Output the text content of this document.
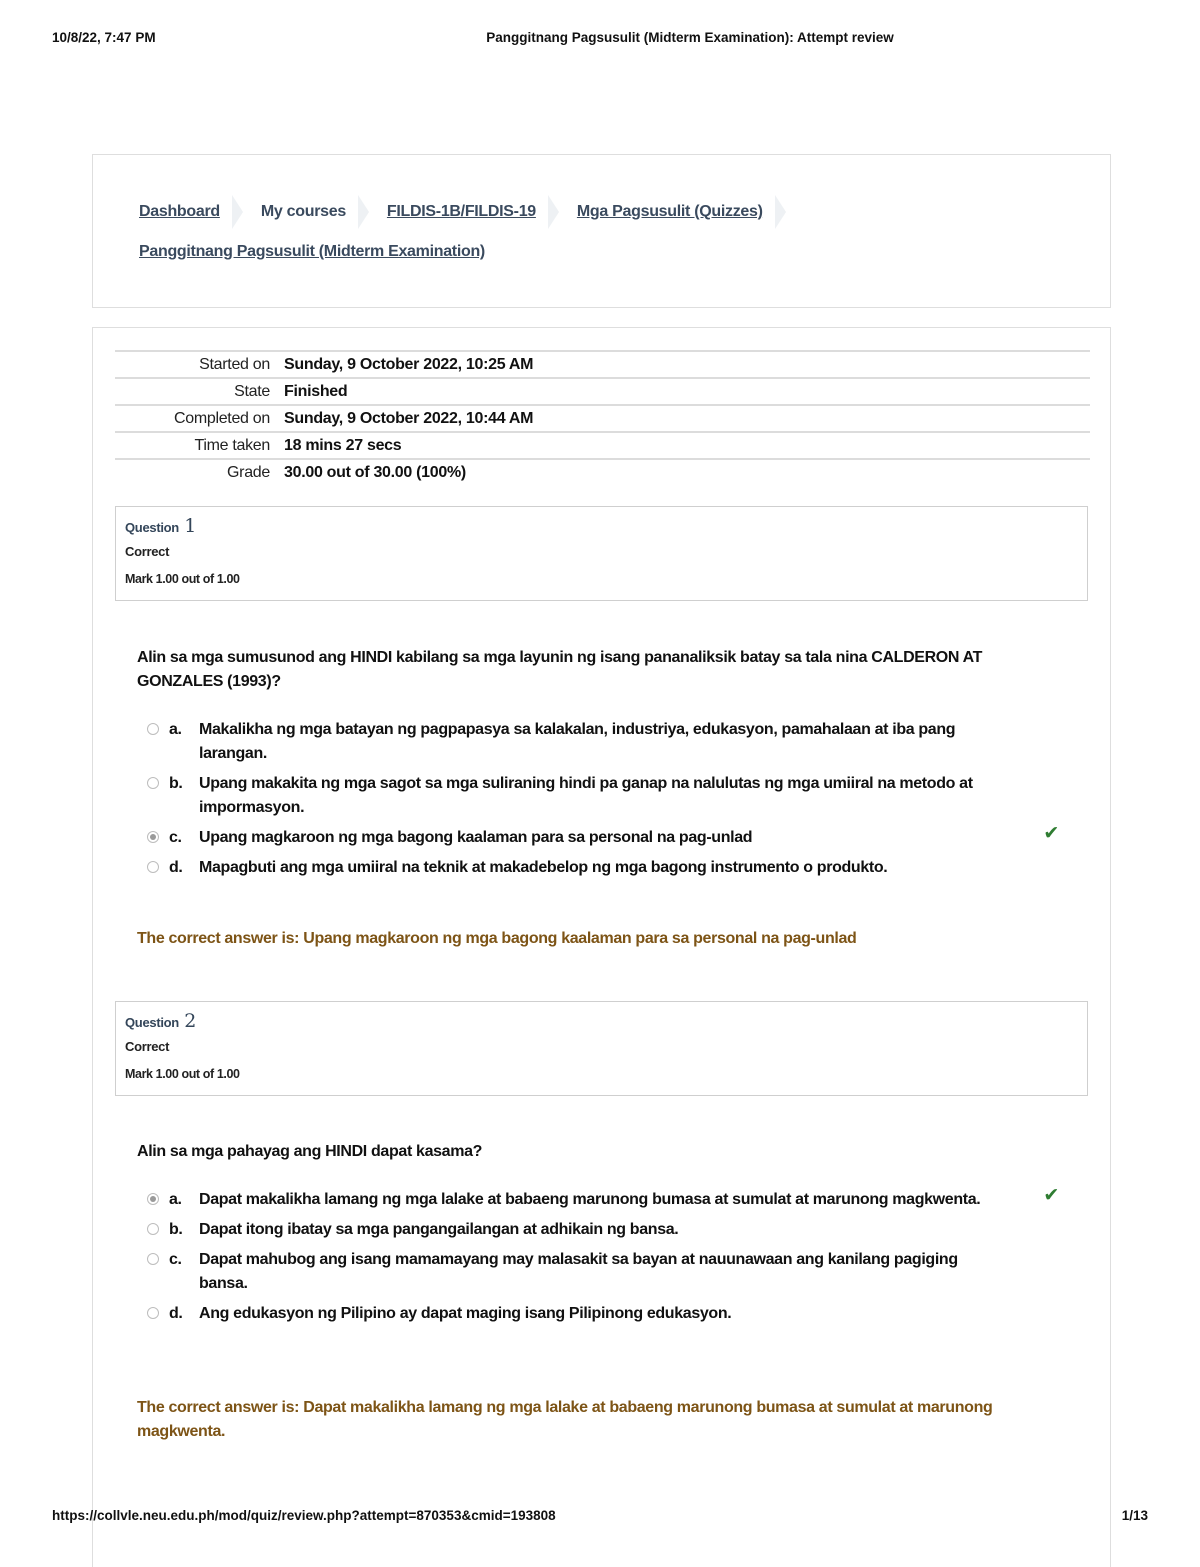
10/8/22, 7:47 PM	Panggitnang Pagsusulit (Midterm Examination): Attempt review
Dashboard	My courses	FILDIS-1B/FILDIS-19	Mga Pagsusulit (Quizzes)
Panggitnang Pagsusulit (Midterm Examination)
Started on	Sunday, 9 October 2022, 10:25 AM
State	Finished
Completed on	Sunday, 9 October 2022, 10:44 AM
Time taken	18 mins 27 secs
Grade	30.00 out of 30.00 (100%)
Question 1
Correct
Mark 1.00 out of 1.00
Alin sa mga sumusunod ang HINDI kabilang sa mga layunin ng isang pananaliksik batay sa tala nina CALDERON AT GONZALES (1993)?
a. Makalikha ng mga batayan ng pagpapasya sa kalakalan, industriya, edukasyon, pamahalaan at iba pang larangan.
b. Upang makakita ng mga sagot sa mga suliraning hindi pa ganap na nalulutas ng mga umiiral na metodo at impormasyon.
c. Upang magkaroon ng mga bagong kaalaman para sa personal na pag-unlad	✔
d. Mapagbuti ang mga umiiral na teknik at makadebelop ng mga bagong instrumento o produkto.
The correct answer is: Upang magkaroon ng mga bagong kaalaman para sa personal na pag-unlad
Question 2
Correct
Mark 1.00 out of 1.00
Alin sa mga pahayag ang HINDI dapat kasama?
a. Dapat makalikha lamang ng mga lalake at babaeng marunong bumasa at sumulat at marunong magkwenta.	✔
b. Dapat itong ibatay sa mga pangangailangan at adhikain ng bansa.
c. Dapat mahubog ang isang mamamayang may malasakit sa bayan at nauunawaan ang kanilang pagiging bansa.
d. Ang edukasyon ng Pilipino ay dapat maging isang Pilipinong edukasyon.
The correct answer is: Dapat makalikha lamang ng mga lalake at babaeng marunong bumasa at sumulat at marunong magkwenta.
https://collvle.neu.edu.ph/mod/quiz/review.php?attempt=870353&cmid=193808	1/13
